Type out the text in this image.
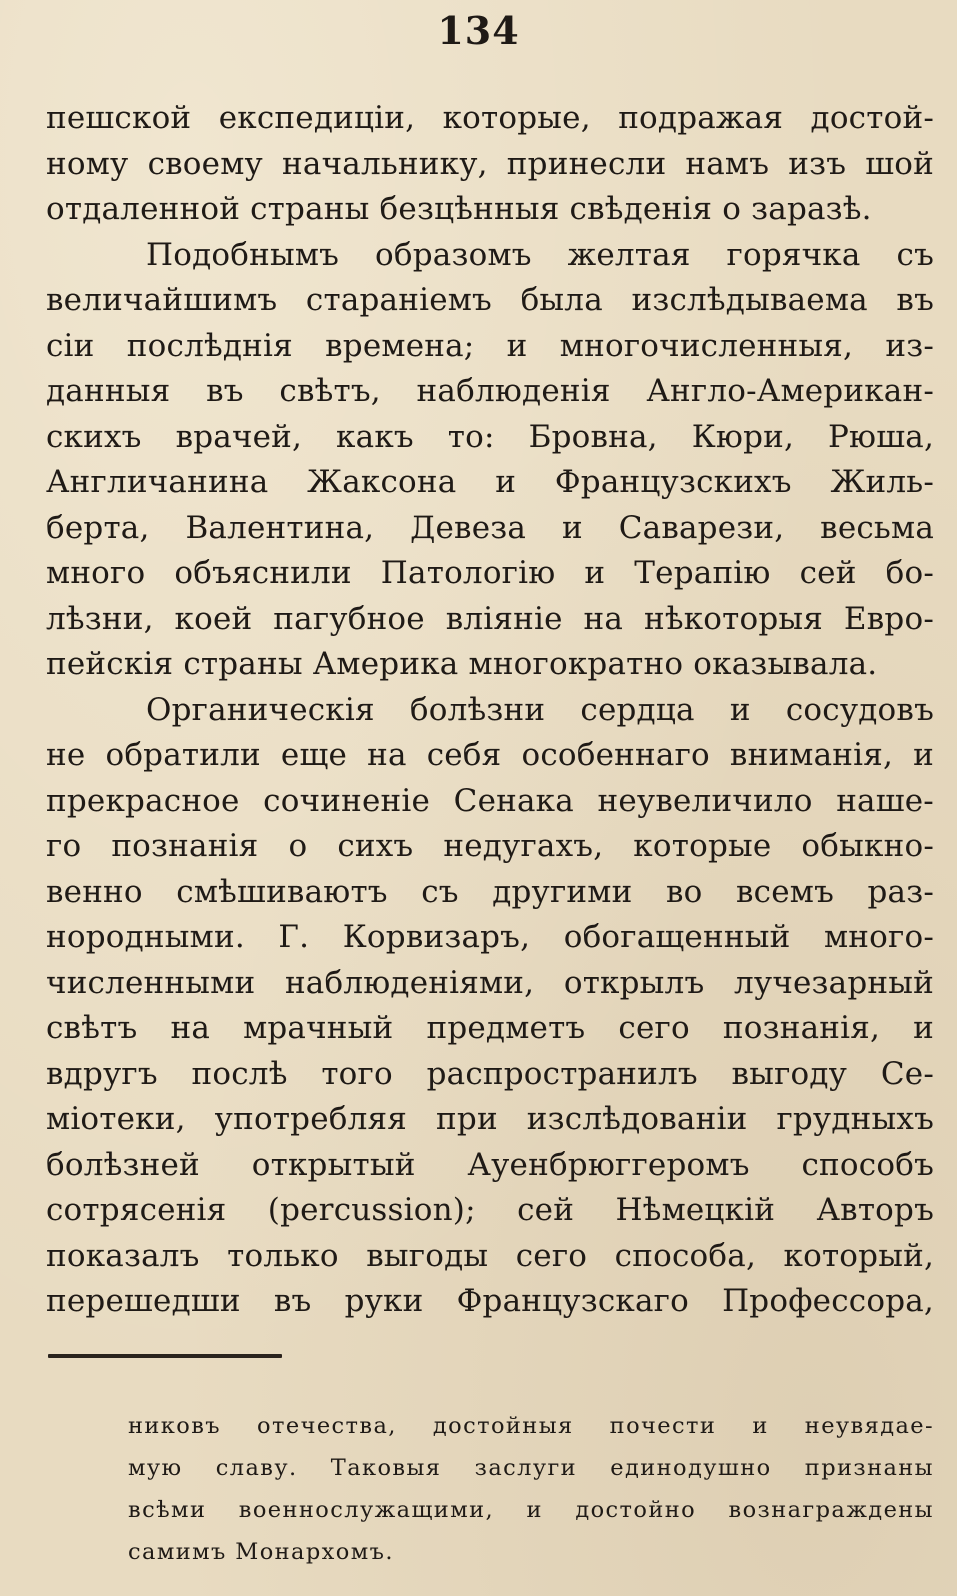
134
пешской експедиціи, которые, подражая достой-
ному своему начальнику, принесли намъ изъ шой
отдаленной страны безцѣнныя свѣденія о заразѣ.
Подобнымъ образомъ желтая горячка съ
величайшимъ стараніемъ была изслѣдываема въ
сіи послѣднія времена; и многочисленныя, из-
данныя въ свѣтъ, наблюденія Англо-Американ-
скихъ врачей, какъ то: Бровна, Кюри, Рюша,
Англичанина Жаксона и Французскихъ Жиль-
берта, Валентина, Девеза и Саварези, весьма
много объяснили Патологію и Терапію сей бо-
лѣзни, коей пагубное вліяніе на нѣкоторыя Евро-
пейскія страны Америка многократно оказывала.
Органическія болѣзни сердца и сосудовъ
не обратили еще на себя особеннаго вниманія, и
прекрасное сочиненіе Сенака неувеличило наше-
го познанія о сихъ недугахъ, которые обыкно-
венно смѣшиваютъ съ другими во всемъ раз-
нородными. Г. Корвизаръ, обогащенный много-
численными наблюденіями, открылъ лучезарный
свѣтъ на мрачный предметъ сего познанія, и
вдругъ послѣ того распространилъ выгоду Се-
міотеки, употребляя при изслѣдованіи грудныхъ
болѣзней открытый Ауенбрюггеромъ способъ
сотрясенія (percussion); сей Нѣмецкій Авторъ
показалъ только выгоды сего способа, который,
перешедши въ руки Французскаго Профессора,
никовъ отечества, достойныя почести и неувядае-
мую славу. Таковыя заслуги единодушно признаны
всѣми военнослужащими, и достойно вознаграждены
самимъ Монархомъ.
